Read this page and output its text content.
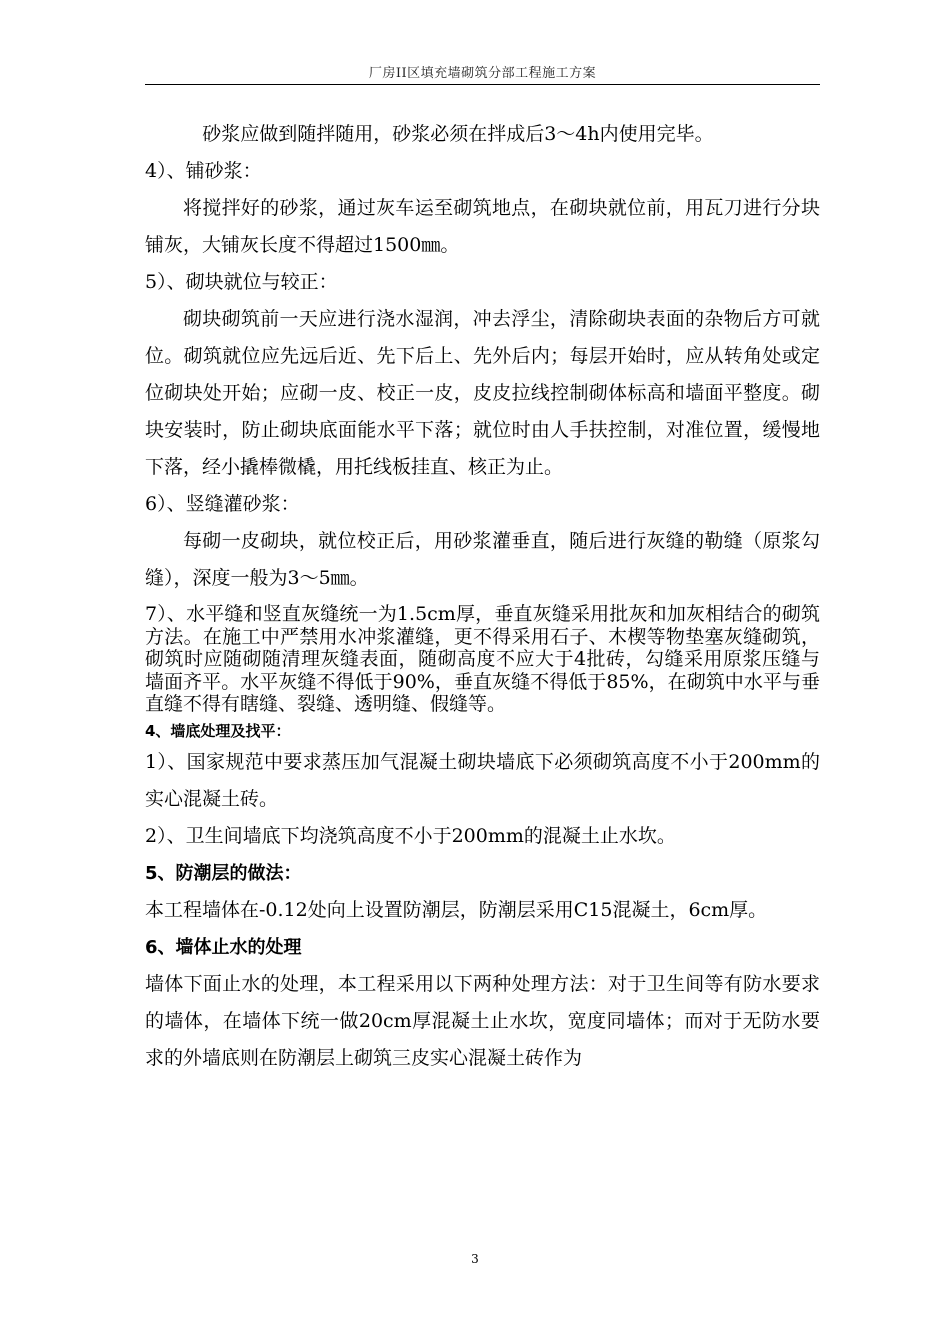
厂房II区填充墙砌筑分部工程施工方案

砂浆应做到随拌随用，砂浆必须在拌成后3～4h内使用完毕。

4）、铺砂浆：

将搅拌好的砂浆，通过灰车运至砌筑地点，在砌块就位前，用瓦刀进行分块铺灰，大铺灰长度不得超过1500㎜。

5）、砌块就位与较正：

砌块砌筑前一天应进行浇水湿润，冲去浮尘，清除砌块表面的杂物后方可就位。砌筑就位应先远后近、先下后上、先外后内；每层开始时，应从转角处或定位砌块处开始；应砌一皮、校正一皮，皮皮拉线控制砌体标高和墙面平整度。砌块安装时，防止砌块底面能水平下落；就位时由人手扶控制，对准位置，缓慢地下落，经小撬棒微橇，用托线板挂直、核正为止。

6）、竖缝灌砂浆：

每砌一皮砌块，就位校正后，用砂浆灌垂直，随后进行灰缝的勒缝（原浆勾缝），深度一般为3～5㎜。

7）、水平缝和竖直灰缝统一为1.5cm厚，垂直灰缝采用批灰和加灰相结合的砌筑方法。在施工中严禁用水冲浆灌缝，更不得采用石子、木楔等物垫塞灰缝砌筑，砌筑时应随砌随清理灰缝表面，随砌高度不应大于4批砖，勾缝采用原浆压缝与墙面齐平。水平灰缝不得低于90%，垂直灰缝不得低于85%，在砌筑中水平与垂直缝不得有瞎缝、裂缝、透明缝、假缝等。

4、墙底处理及找平：

1）、国家规范中要求蒸压加气混凝土砌块墙底下必须砌筑高度不小于200mm的实心混凝土砖。

2）、卫生间墙底下均浇筑高度不小于200mm的混凝土止水坎。

5、防潮层的做法：

本工程墙体在-0.12处向上设置防潮层，防潮层采用C15混凝土，6cm厚。

6、墙体止水的处理

墙体下面止水的处理，本工程采用以下两种处理方法：对于卫生间等有防水要求的墙体，在墙体下统一做20cm厚混凝土止水坎，宽度同墙体；而对于无防水要求的外墙底则在防潮层上砌筑三皮实心混凝土砖作为

3
